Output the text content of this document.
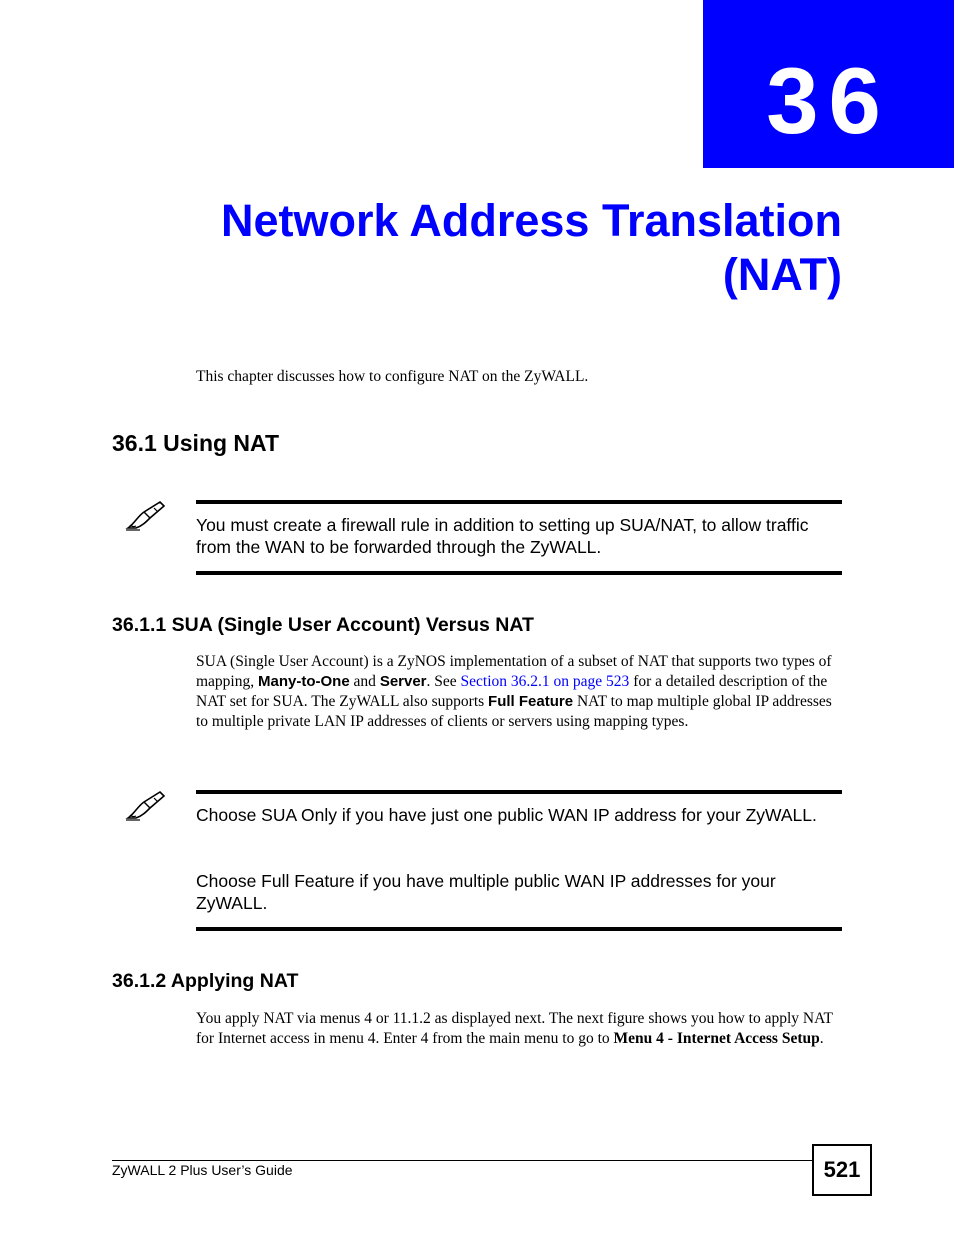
36
Network Address Translation
(NAT)

This chapter discusses how to configure NAT on the ZyWALL.

36.1 Using NAT

You must create a firewall rule in addition to setting up SUA/NAT, to allow traffic from the WAN to be forwarded through the ZyWALL.

36.1.1 SUA (Single User Account) Versus NAT

SUA (Single User Account) is a ZyNOS implementation of a subset of NAT that supports two types of mapping, Many-to-One and Server. See Section 36.2.1 on page 523 for a detailed description of the NAT set for SUA. The ZyWALL also supports Full Feature NAT to map multiple global IP addresses to multiple private LAN IP addresses of clients or servers using mapping types.

Choose SUA Only if you have just one public WAN IP address for your ZyWALL.

Choose Full Feature if you have multiple public WAN IP addresses for your ZyWALL.

36.1.2 Applying NAT

You apply NAT via menus 4 or 11.1.2 as displayed next. The next figure shows you how to apply NAT for Internet access in menu 4. Enter 4 from the main menu to go to Menu 4 - Internet Access Setup.

ZyWALL 2 Plus User’s Guide	521
